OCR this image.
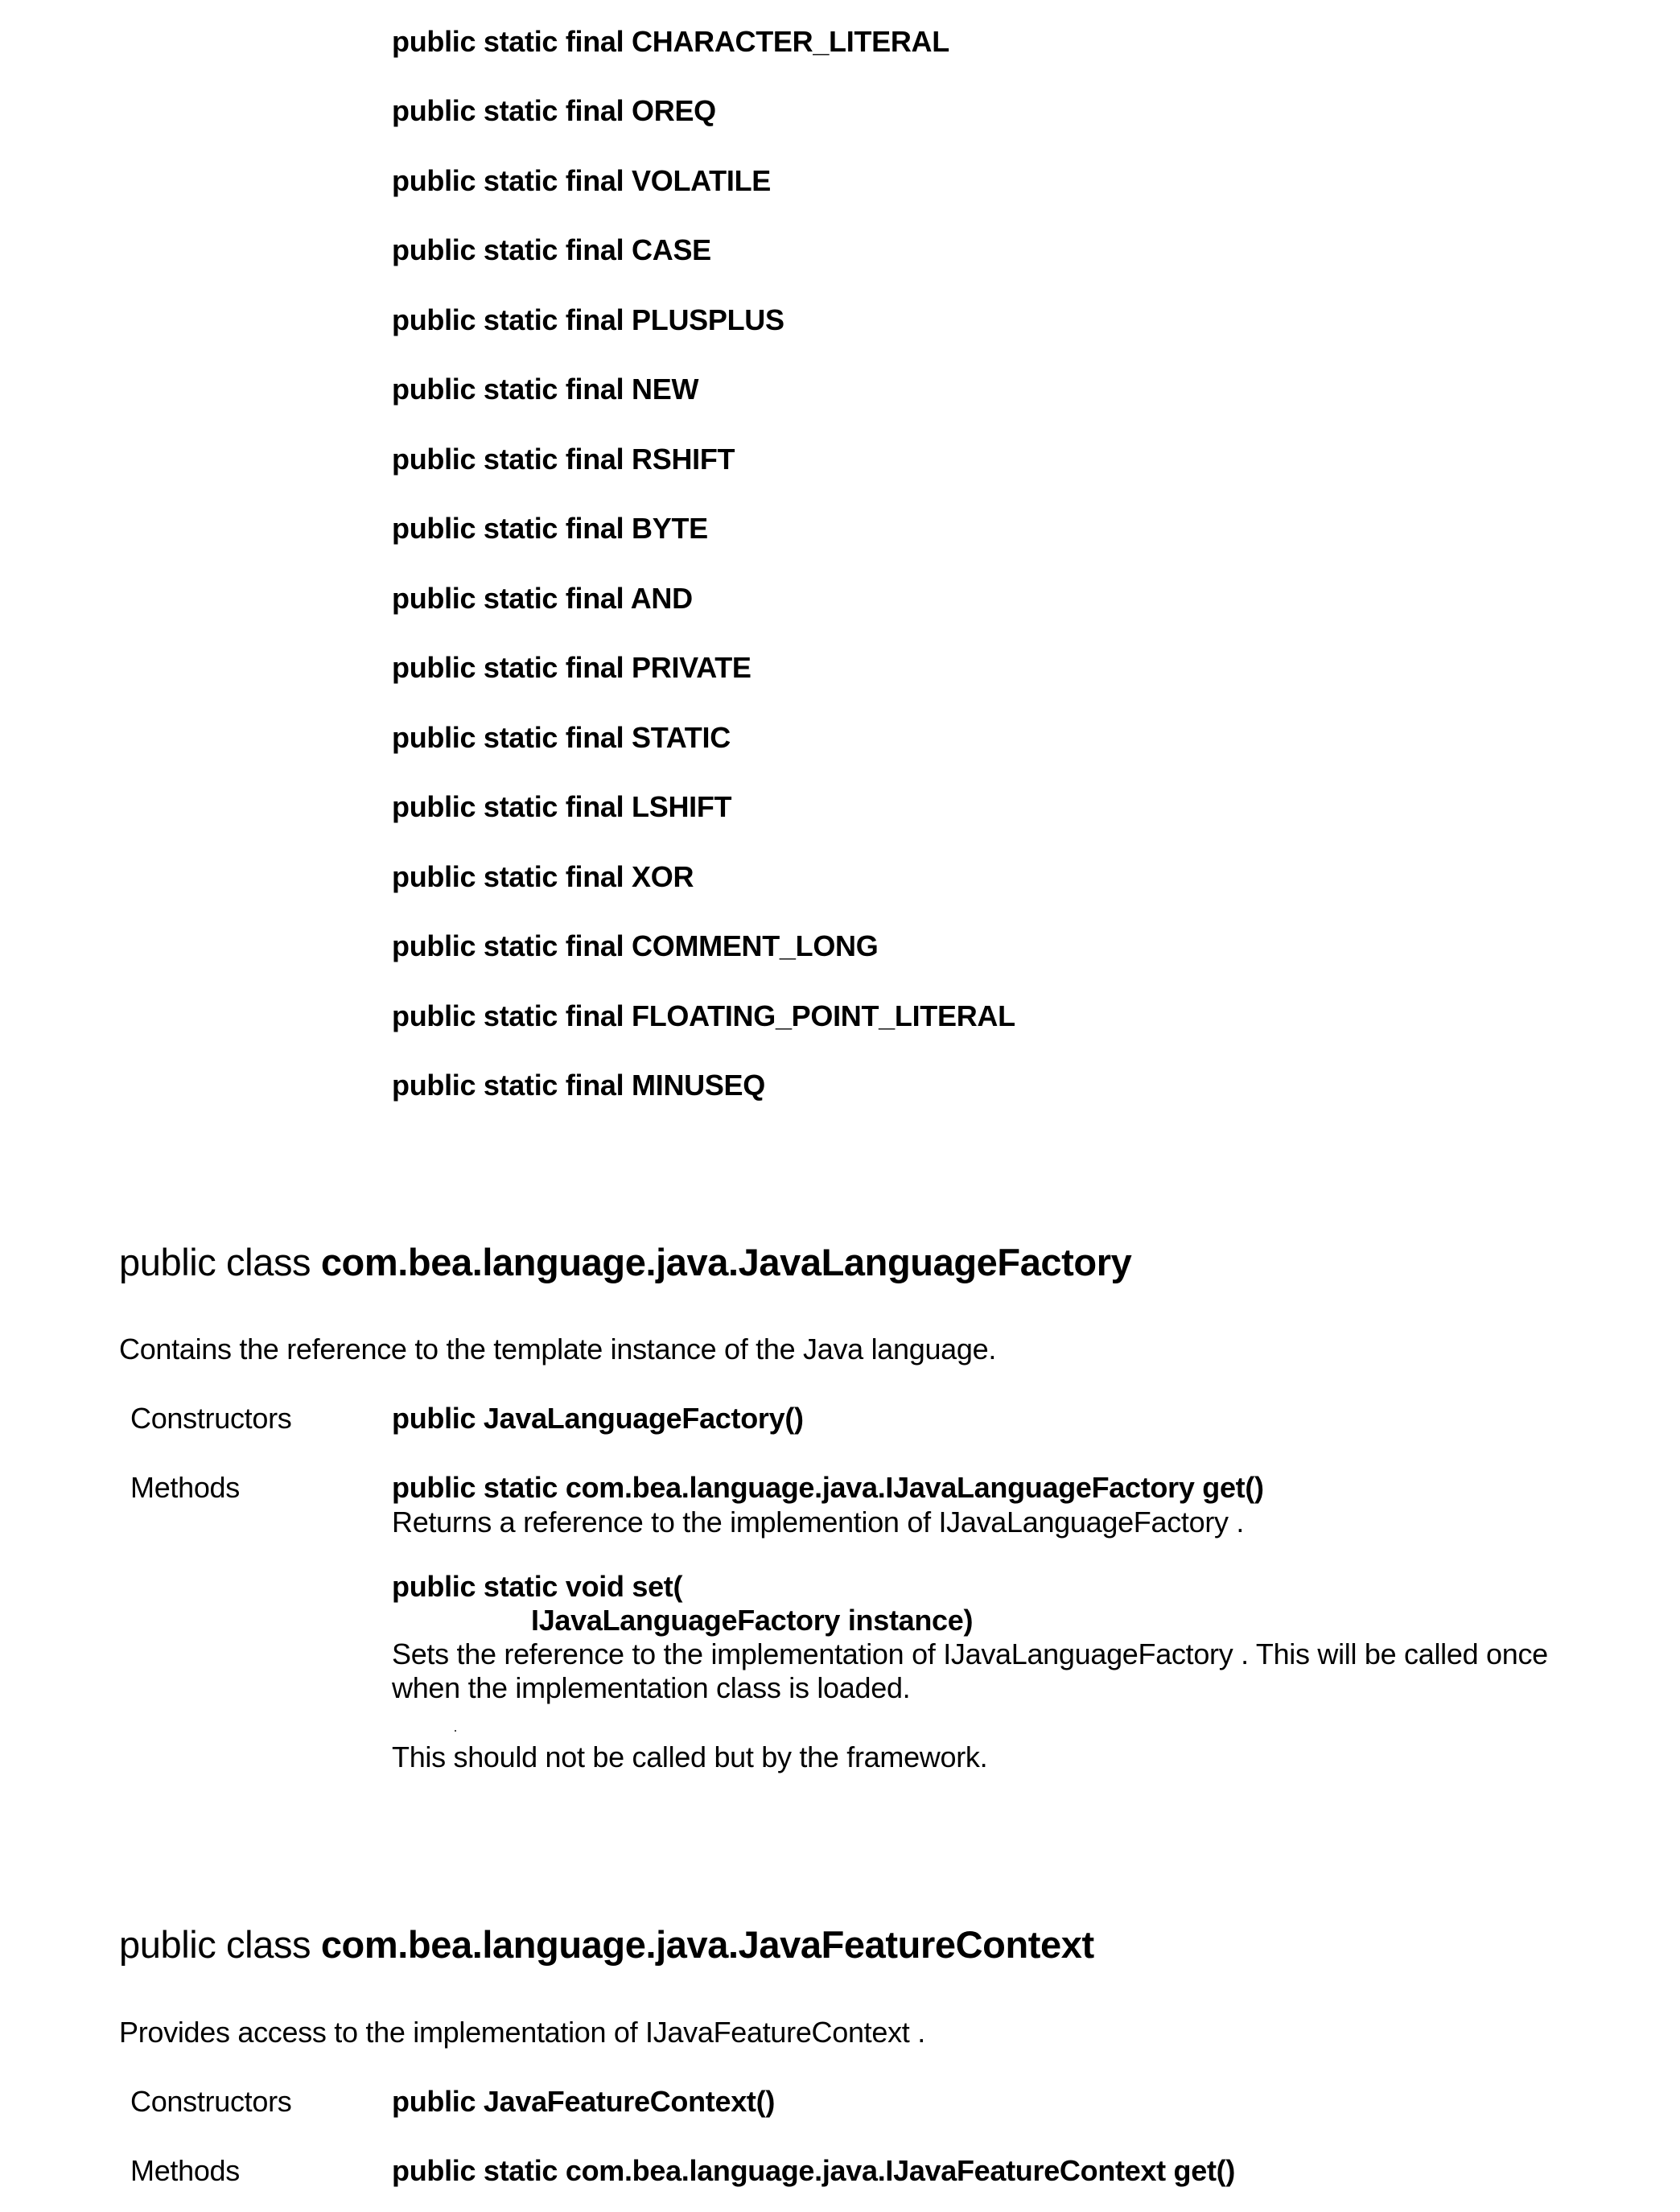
public static final CHARACTER_LITERAL
public static final OREQ
public static final VOLATILE
public static final CASE
public static final PLUSPLUS
public static final NEW
public static final RSHIFT
public static final BYTE
public static final AND
public static final PRIVATE
public static final STATIC
public static final LSHIFT
public static final XOR
public static final COMMENT_LONG
public static final FLOATING_POINT_LITERAL
public static final MINUSEQ
public class com.bea.language.java.JavaLanguageFactory
Contains the reference to the template instance of the Java language.
Constructors	public JavaLanguageFactory()
Methods	public static com.bea.language.java.IJavaLanguageFactory get()
Returns a reference to the implemention of IJavaLanguageFactory .
public static void set(
IJavaLanguageFactory instance)
Sets the reference to the implementation of IJavaLanguageFactory . This will be called once
when the implementation class is loaded.
This should not be called but by the framework.
public class com.bea.language.java.JavaFeatureContext
Provides access to the implementation of IJavaFeatureContext .
Constructors	public JavaFeatureContext()
Methods	public static com.bea.language.java.IJavaFeatureContext get()
